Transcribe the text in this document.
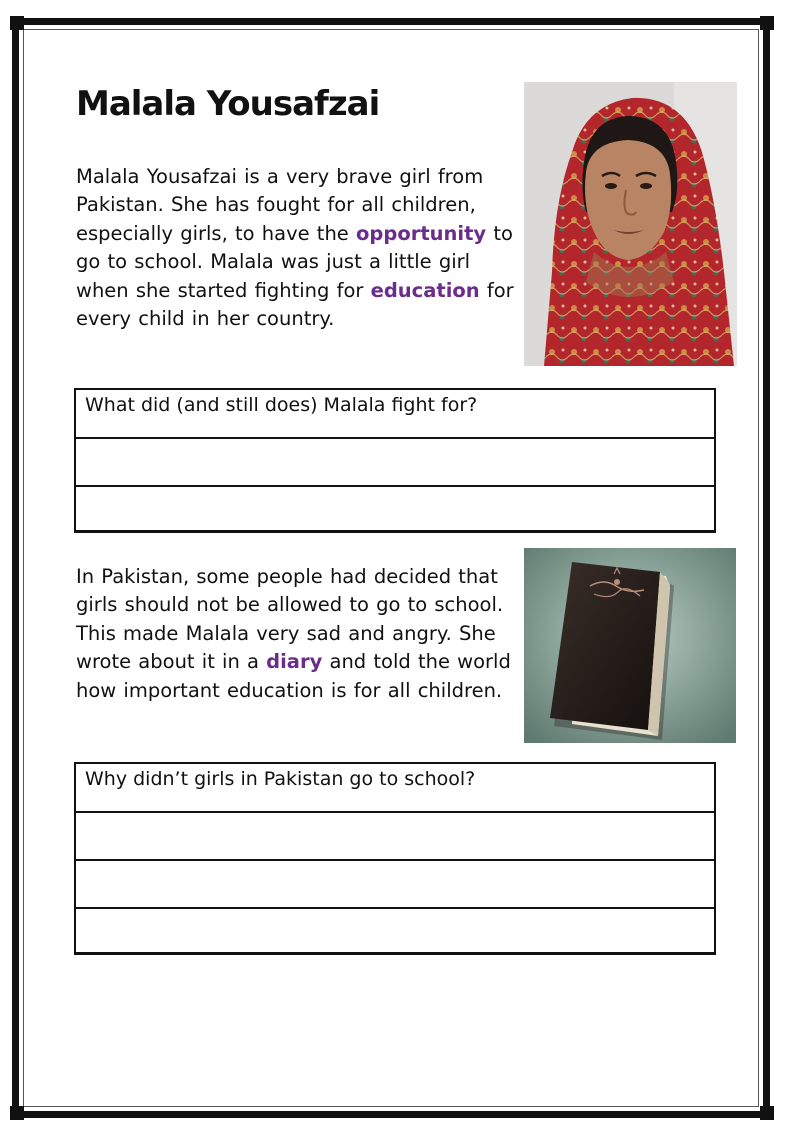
Malala Yousafzai

Malala Yousafzai is a very brave girl from Pakistan. She has fought for all children, especially girls, to have the opportunity to go to school. Malala was just a little girl when she started fighting for education for every child in her country.

What did (and still does) Malala fight for?

In Pakistan, some people had decided that girls should not be allowed to go to school. This made Malala very sad and angry. She wrote about it in a diary and told the world how important education is for all children.

Why didn’t girls in Pakistan go to school?
